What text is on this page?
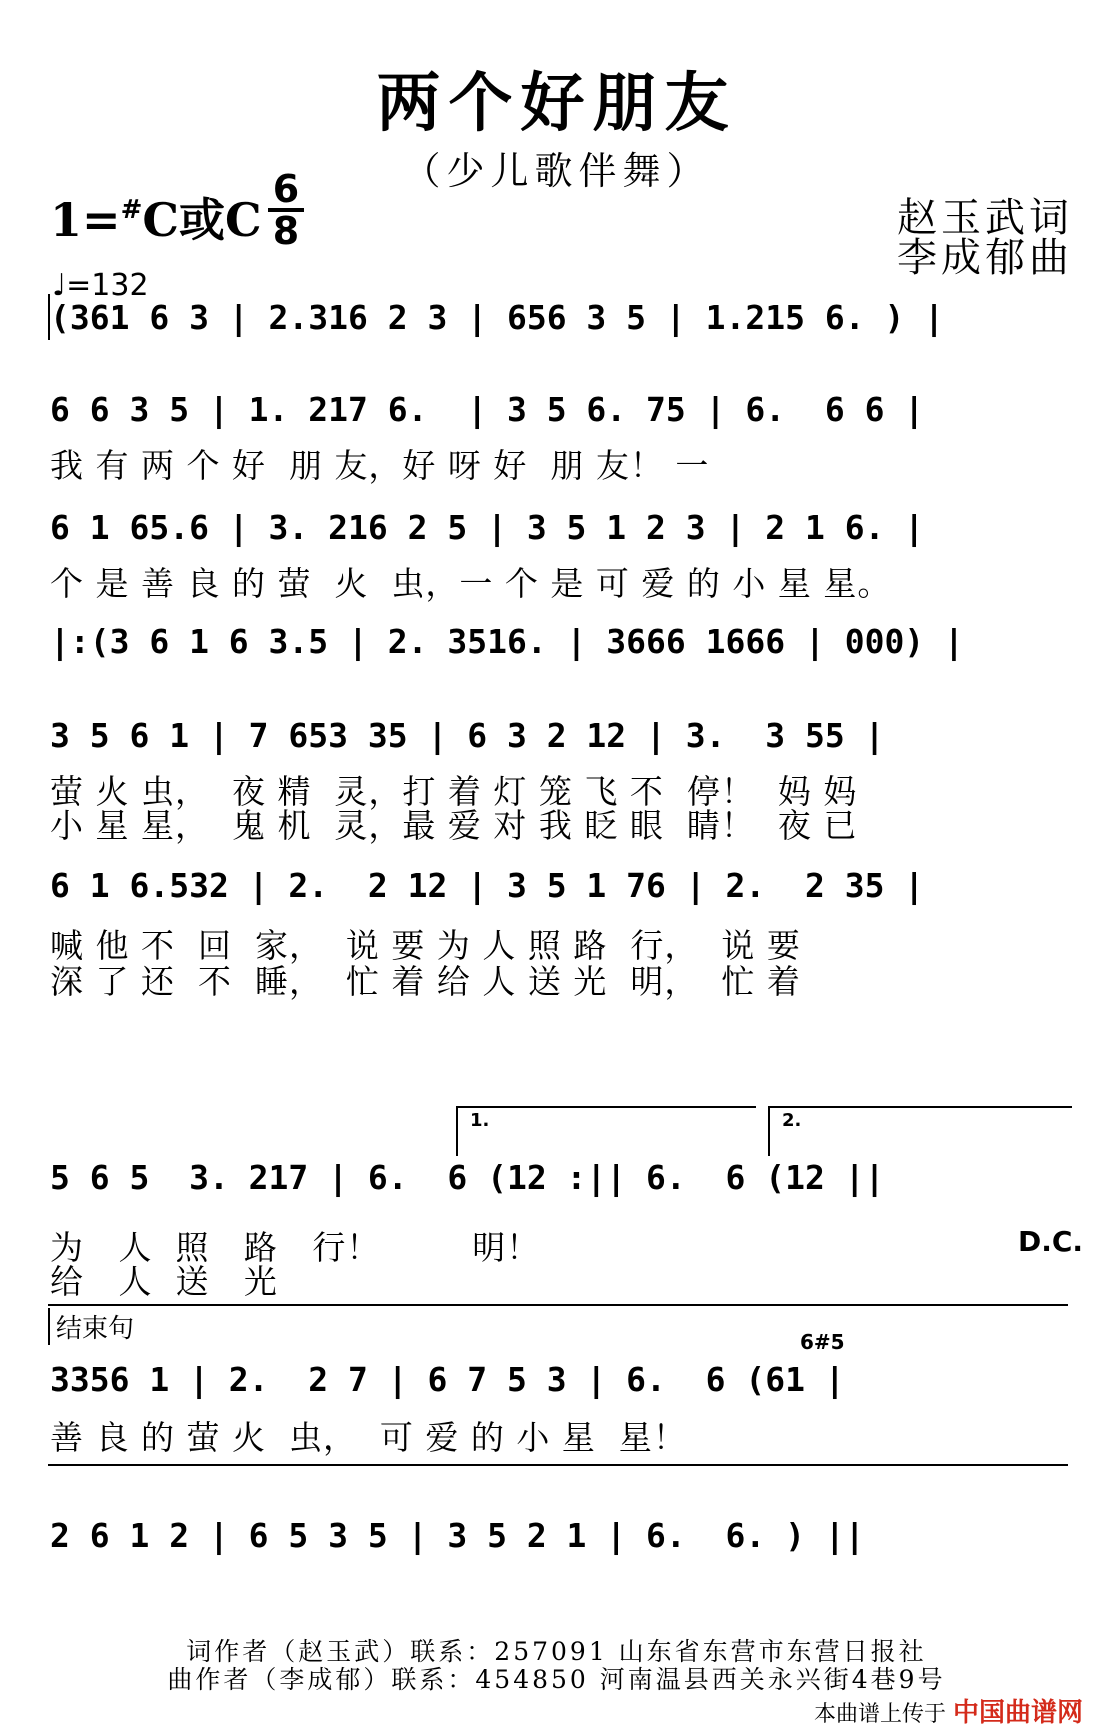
两个好朋友
（少儿歌伴舞）
1=#C或C
6
8
♩=132
赵玉武词
李成郁曲
(361 6 3 | 2.316 2 3 | 656 3 5 | 1.215 6. ) |
6 6 3 5 | 1. 217 6.  | 3 5 6. 75 | 6.  6 6 |
我 有 两 个 好  朋 友，好 呀 好  朋 友！ 一
6 1 65.6 | 3. 216 2 5 | 3 5 1 2 3 | 2 1 6. |
个 是 善 良 的 萤  火  虫，一 个 是 可 爱 的 小 星 星。
|:(3 6 1 6 3.5 | 2. 3516. | 3666 1666 | 000) |
3 5 6 1 | 7 653 35 | 6 3 2 12 | 3.  3 55 |
萤 火 虫，  夜 精  灵，打 着 灯 笼 飞 不  停！  妈 妈
小 星 星，  鬼 机  灵，最 爱 对 我 眨 眼  睛！  夜 已
6 1 6.532 | 2.  2 12 | 3 5 1 76 | 2.  2 35 |
喊 他 不  回  家，  说 要 为 人 照 路  行，  说 要
深 了 还  不  睡，  忙 着 给 人 送 光  明，  忙 着
1.	2.
5 6 5  3. 217 | 6.  6 (12 :|| 6.  6 (12 ||
为   人  照   路   行！        明！
给   人  送   光
D.C.
结束句	6#5
3356 1 | 2.  2 7 | 6 7 5 3 | 6.  6 (61 |
善 良 的 萤 火  虫，  可 爱 的 小 星  星！
2 6 1 2 | 6 5 3 5 | 3 5 2 1 | 6.  6. ) ||
词作者（赵玉武）联系：257091 山东省东营市东营日报社
曲作者（李成郁）联系：454850 河南温县西关永兴街4巷9号
本曲谱上传于 中国曲谱网
